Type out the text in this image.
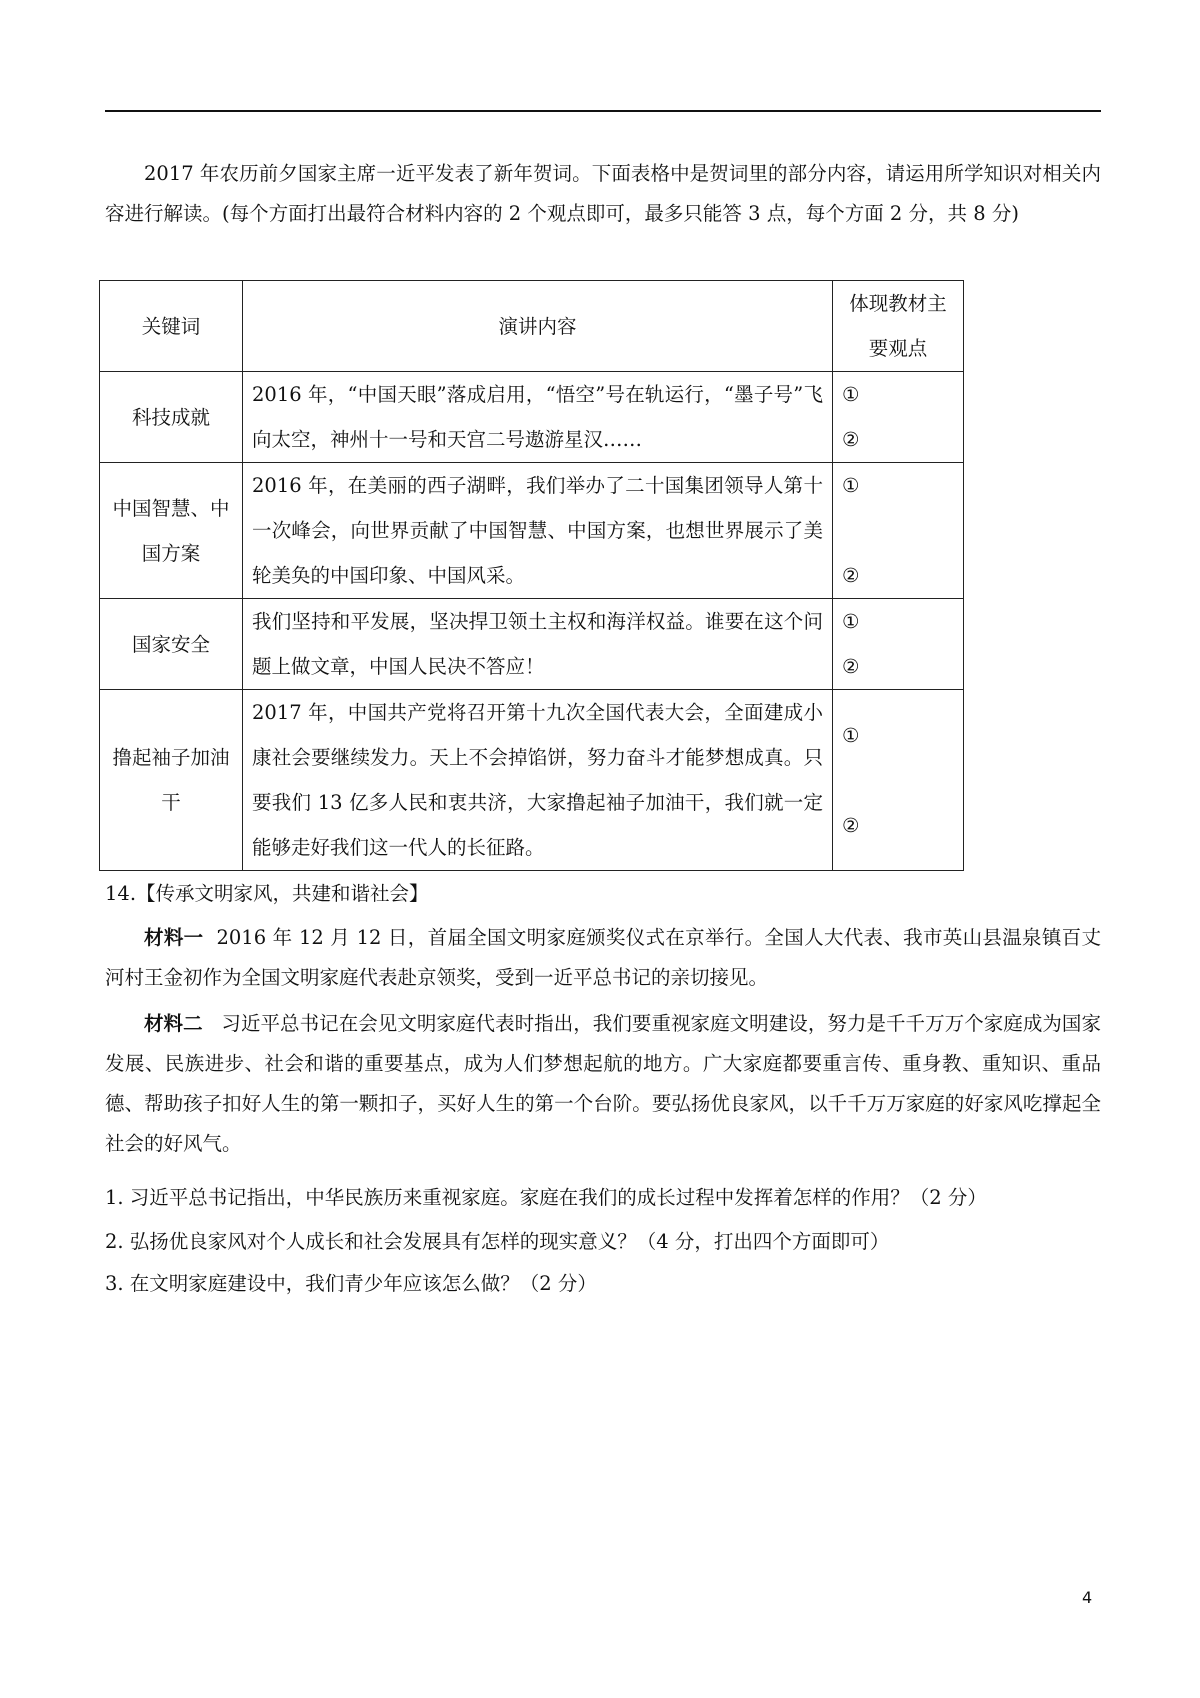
2017 年农历前夕国家主席一近平发表了新年贺词。下面表格中是贺词里的部分内容，请运用所学知识对相关内容进行解读。(每个方面打出最符合材料内容的 2 个观点即可，最多只能答 3 点，每个方面 2 分，共 8 分)

关键词	演讲内容	体现教材主要观点
科技成就	2016 年，“中国天眼”落成启用，“悟空”号在轨运行，“墨子号”飞向太空，神州十一号和天宫二号遨游星汉……	①
②

中国智慧、中国方案	2016 年，在美丽的西子湖畔，我们举办了二十国集团领导人第十一次峰会，向世界贡献了中国智慧、中国方案，也想世界展示了美轮美奂的中国印象、中国风采。	①
②

国家安全	我们坚持和平发展，坚决捍卫领土主权和海洋权益。谁要在这个问题上做文章，中国人民决不答应！	①
②

撸起袖子加油干	2017 年，中国共产党将召开第十九次全国代表大会，全面建成小康社会要继续发力。天上不会掉馅饼，努力奋斗才能梦想成真。只要我们 13 亿多人民和衷共济，大家撸起袖子加油干，我们就一定能够走好我们这一代人的长征路。	①
②

14.【传承文明家风，共建和谐社会】

材料一 2016 年 12 月 12 日，首届全国文明家庭颁奖仪式在京举行。全国人大代表、我市英山县温泉镇百丈河村王金初作为全国文明家庭代表赴京领奖，受到一近平总书记的亲切接见。

材料二 习近平总书记在会见文明家庭代表时指出，我们要重视家庭文明建设，努力是千千万万个家庭成为国家发展、民族进步、社会和谐的重要基点，成为人们梦想起航的地方。广大家庭都要重言传、重身教、重知识、重品德、帮助孩子扣好人生的第一颗扣子，买好人生的第一个台阶。要弘扬优良家风，以千千万万家庭的好家风吃撑起全社会的好风气。

1. 习近平总书记指出，中华民族历来重视家庭。家庭在我们的成长过程中发挥着怎样的作用？（2 分）

2. 弘扬优良家风对个人成长和社会发展具有怎样的现实意义？（4 分，打出四个方面即可）

3. 在文明家庭建设中，我们青少年应该怎么做？（2 分）

4
